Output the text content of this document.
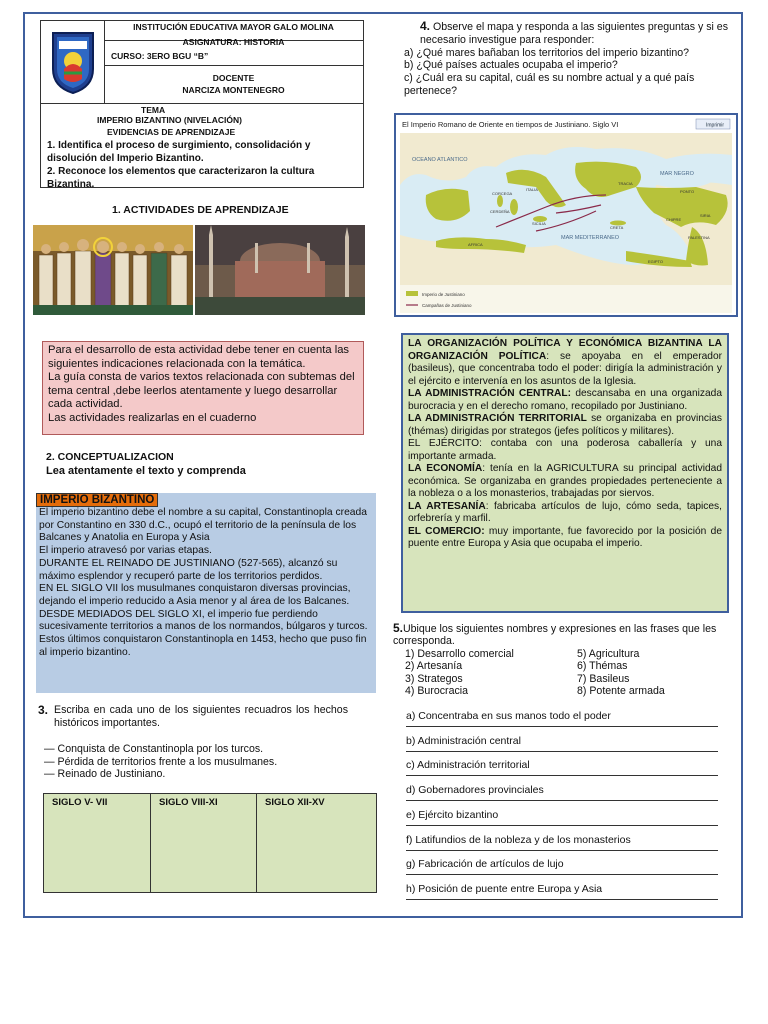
INSTITUCIÓN EDUCATIVA MAYOR GALO MOLINA
ASIGNATURA: HISTORIA
CURSO: 3ERO BGU “B”
DOCENTE
NARCIZA MONTENEGRO
TEMA
IMPERIO BIZANTINO (NIVELACIÓN)
EVIDENCIAS DE APRENDIZAJE
1. Identifica el proceso de surgimiento, consolidación y disolución del Imperio Bizantino.
2. Reconoce los elementos que caracterizaron la cultura Bizantina.
1. ACTIVIDADES DE APRENDIZAJE
Para el desarrollo de esta actividad debe tener en cuenta las siguientes indicaciones relacionada con la temática.
La guía consta de varios textos relacionada con subtemas del tema central ,debe leerlos atentamente y luego desarrollar cada actividad.
Las actividades realizarlas en el cuaderno
2. CONCEPTUALIZACION
Lea atentamente el texto y comprenda
El imperio bizantino debe el nombre a su capital, Constantinopla creada por Constantino en 330 d.C., ocupó el territorio de la península de los Balcanes y Anatolia en Europa y Asia
El imperio atravesó por varias etapas.
DURANTE EL REINADO DE JUSTINIANO (527-565), alcanzó su máximo esplendor y recuperó parte de los territorios perdidos.
EN EL SIGLO VII los musulmanes conquistaron diversas provincias, dejando el imperio reducido a Asia menor y al área de los Balcanes.
DESDE MEDIADOS DEL SIGLO XI, el imperio fue perdiendo sucesivamente territorios a manos de los normandos, búlgaros y turcos.
Estos últimos conquistaron Constantinopla en 1453, hecho que puso fin al imperio bizantino.
IMPERIO BIZANTINO
3. Escriba en cada uno de los siguientes recuadros los hechos históricos importantes.
— Conquista de Constantinopla por los turcos.
— Pérdida de territorios frente a los musulmanes.
— Reinado de Justiniano.
SIGLO V- VII	SIGLO VIII-XI	SIGLO XII-XV
4. Observe el mapa y responda a las siguientes preguntas y si es necesario investigue para responder:
a) ¿Qué mares bañaban los territorios del imperio bizantino?
b) ¿Qué países actuales ocupaba el imperio?
c) ¿Cuál era su capital, cuál es su nombre actual y a qué país pertenece?
El Imperio Romano de Oriente en tiempos de Justiniano. Siglo VI	Imprimir
OCEANO ATLANTICO
MAR NEGRO
MAR MEDITERRANEO
CORCEGA
CERDEÑA
SICILIA
CRETA
CHIPRE
EGIPTO
PONTO
PALESTINA
SIRIA
TRACIA
ITALIA
AFRICA
Imperio de Justiniano
Campañas de Justiniano

LA ORGANIZACIÓN POLÍTICA Y ECONÓMICA BIZANTINA LA ORGANIZACIÓN POLÍTICA: se apoyaba en el emperador (basileus), que concentraba todo el poder: dirigía la administración y el ejército e intervenía en los asuntos de la Iglesia.

LA ADMINISTRACIÓN CENTRAL: descansaba en una organizada burocracia y en el derecho romano, recopilado por Justiniano.

LA ADMINISTRACIÓN TERRITORIAL se organizaba en provincias (thémas) dirigidas por strategos (jefes políticos y militares).

EL EJÉRCITO: contaba con una poderosa caballería y una importante armada.

LA ECONOMÍA: tenía en la AGRICULTURA su principal actividad económica. Se organizaba en grandes propiedades perteneciente a la nobleza o a los monasterios, trabajadas por siervos.

LA ARTESANÍA: fabricaba artículos de lujo, cómo seda, tapices, orfebrería y marfil.

EL COMERCIO: muy importante, fue favorecido por la posición de puente entre Europa y Asia que ocupaba el imperio.

5.Ubique los siguientes nombres y expresiones en las frases que les corresponda.
1) Desarrollo comercial	5) Agricultura
2) Artesanía	6) Thémas
3) Strategos	7) Basileus
4) Burocracia	8) Potente armada
a) Concentraba en sus manos todo el poder
b) Administración central
c) Administración territorial
d) Gobernadores provinciales
e) Ejército bizantino
f) Latifundios de la nobleza y de los monasterios
g) Fabricación de artículos de lujo
h) Posición de puente entre Europa y Asia
